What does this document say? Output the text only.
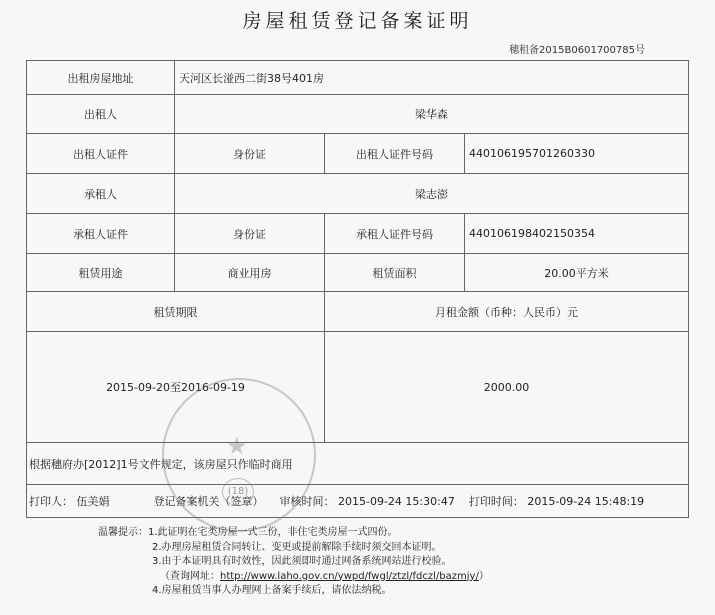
房屋租赁登记备案证明
穗租备2015B0601700785号
出租房屋地址	天河区长湴西二街38号401房		
出租人	梁华森		
出租人证件	身份证	出租人证件号码	440106195701260330
承租人	梁志澎		
承租人证件	身份证	承租人证件号码	440106198402150354
租赁用途	商业用房	租赁面积	20.00平方米
租赁期限		月租金额（币种：人民币）元	
2015-09-20至2016-09-19		2000.00	
根据穗府办[2012]1号文件规定，该房屋只作临时商用			
打印人： 伍美娟 登记备案机关（签章） 审核时间： 2015-09-24 15:30:47 打印时间： 2015-09-24 15:48:19			
★
(18)
温馨提示：1.此证明在宅类房屋一式三份，非住宅类房屋一式四份。
2.办理房屋租赁合同转让、变更或提前解除手续时须交回本证明。
3.由于本证明具有时效性，因此须即时通过网备系统网站进行校验。
（查询网址：http://www.laho.gov.cn/ywpd/fwgl/ztzl/fdczl/bazmjy/）
4.房屋租赁当事人办理网上备案手续后，请依法纳税。
